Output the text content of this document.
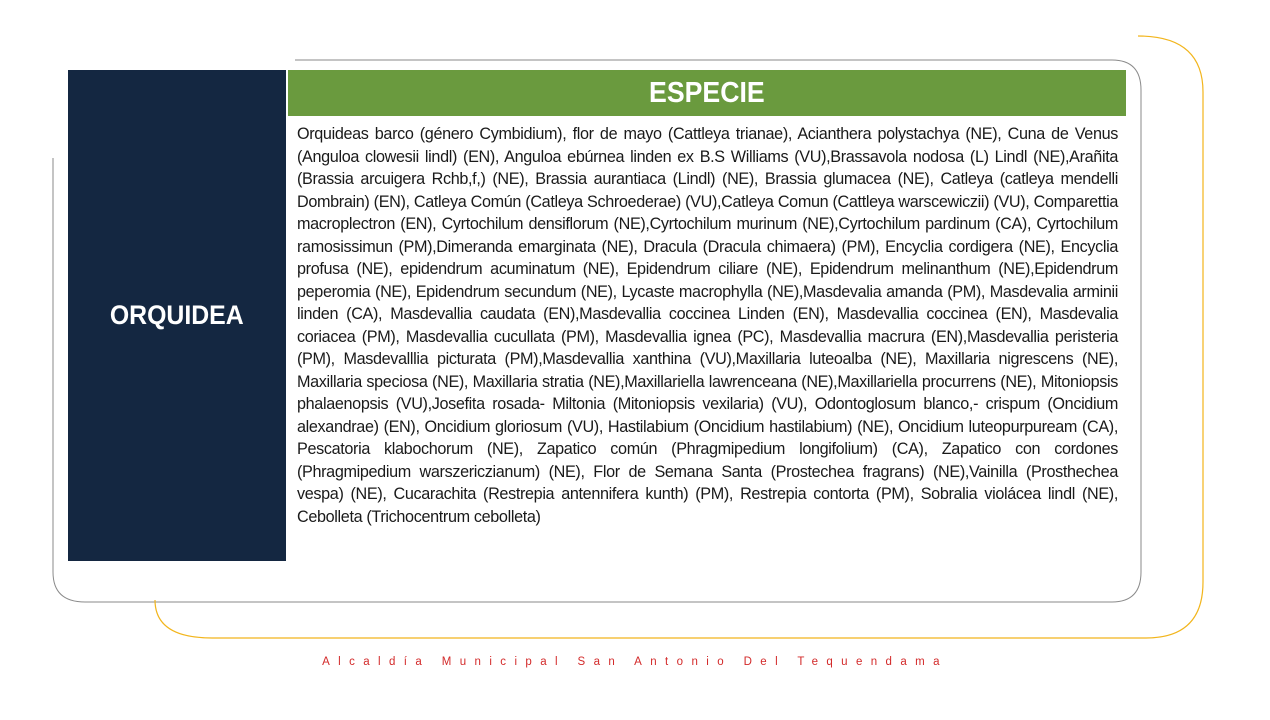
ORQUIDEA
ESPECIE

Orquideas barco (género Cymbidium), flor de mayo (Cattleya trianae), Acianthera polystachya (NE), Cuna de Venus (Anguloa clowesii lindl) (EN), Anguloa ebúrnea linden ex B.S Williams (VU),Brassavola nodosa (L) Lindl (NE),Arañita (Brassia arcuigera Rchb,f,) (NE), Brassia aurantiaca (Lindl) (NE), Brassia glumacea (NE), Catleya (catleya mendelli Dombrain) (EN), Catleya Común (Catleya Schroederae) (VU),Catleya Comun (Cattleya warscewiczii) (VU), Comparettia macroplectron (EN), Cyrtochilum densiflorum (NE),Cyrtochilum murinum (NE),Cyrtochilum pardinum (CA), Cyrtochilum ramosissimun (PM),Dimeranda emarginata (NE), Dracula (Dracula chimaera) (PM), Encyclia cordigera (NE), Encyclia profusa (NE), epidendrum acuminatum (NE), Epidendrum ciliare (NE), Epidendrum melinanthum (NE),Epidendrum peperomia (NE), Epidendrum secundum (NE), Lycaste macrophylla (NE),Masdevalia amanda (PM), Masdevalia arminii linden (CA), Masdevallia caudata (EN),Masdevallia coccinea Linden (EN), Masdevallia coccinea (EN), Masdevalia coriacea (PM), Masdevallia cucullata (PM), Masdevallia ignea (PC), Masdevallia macrura (EN),Masdevallia peristeria (PM), Masdevalllia picturata (PM),Masdevallia xanthina (VU),Maxillaria luteoalba (NE), Maxillaria nigrescens (NE), Maxillaria speciosa (NE), Maxillaria stratia (NE),Maxillariella lawrenceana (NE),Maxillariella procurrens (NE), Mitoniopsis phalaenopsis (VU),Josefita rosada- Miltonia (Mitoniopsis vexilaria) (VU), Odontoglosum blanco,- crispum (Oncidium alexandrae) (EN), Oncidium gloriosum (VU), Hastilabium (Oncidium hastilabium) (NE), Oncidium luteopurpuream (CA), Pescatoria klabochorum (NE), Zapatico común (Phragmipedium longifolium) (CA), Zapatico con cordones (Phragmipedium warszericzianum) (NE), Flor de Semana Santa (Prostechea fragrans) (NE),Vainilla (Prosthechea vespa) (NE), Cucarachita (Restrepia antennifera kunth) (PM), Restrepia contorta (PM), Sobralia violácea lindl (NE), Cebolleta (Trichocentrum cebolleta)

Alcaldía Municipal San Antonio Del Tequendama
